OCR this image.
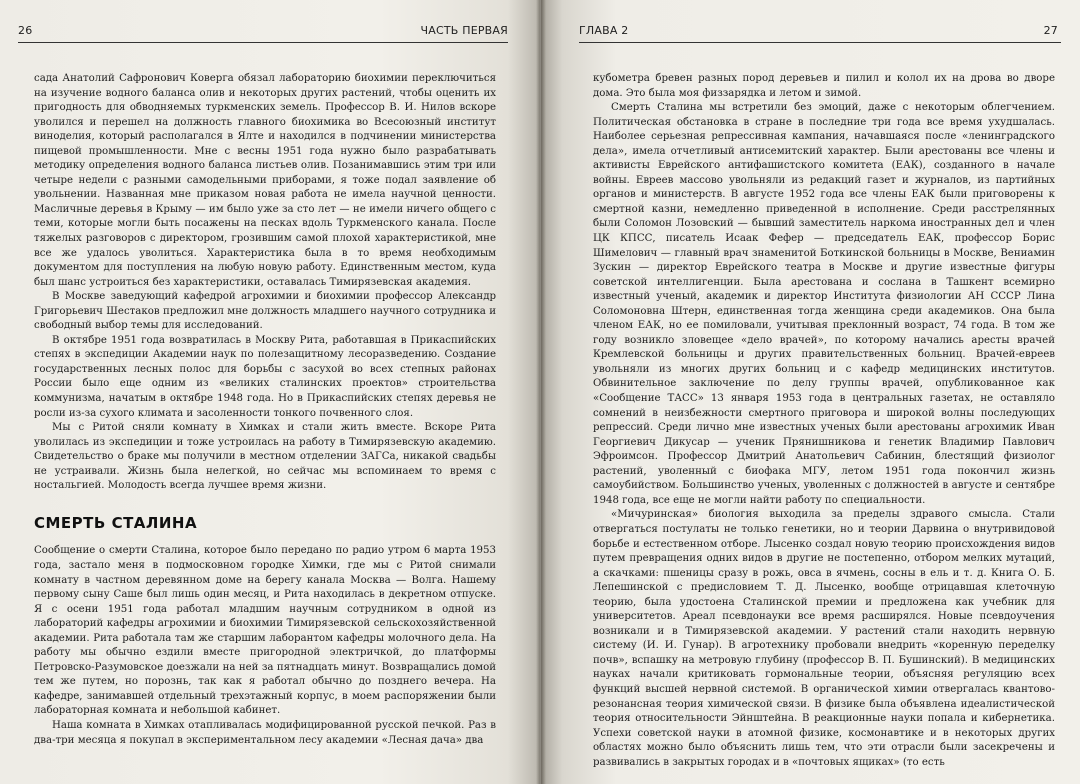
26	ЧАСТЬ ПЕРВАЯ

сада Анатолий Сафронович Коверга обязал лабораторию биохимии переключиться на изучение водного баланса олив и некоторых других растений, чтобы оценить их пригодность для обводняемых туркменских земель. Профессор В. И. Нилов вскоре уволился и перешел на должность главного биохимика во Всесоюзный институт виноделия, который располагался в Ялте и находился в подчинении министерства пищевой промышленности. Мне с весны 1951 года нужно было разрабатывать методику определения водного баланса листьев олив. Позанимавшись этим три или четыре недели с разными самодельными приборами, я тоже подал заявление об увольнении. Названная мне приказом новая работа не имела научной ценности. Масличные деревья в Крыму — им было уже за сто лет — не имели ничего общего с теми, которые могли быть посажены на песках вдоль Туркменского канала. После тяжелых разговоров с директором, грозившим самой плохой характеристикой, мне все же удалось уволиться. Характеристика была в то время необходимым документом для поступления на любую новую работу. Единственным местом, куда был шанс устроиться без характеристики, оставалась Тимирязевская академия.

В Москве заведующий кафедрой агрохимии и биохимии профессор Александр Григорьевич Шестаков предложил мне должность младшего научного сотрудника и свободный выбор темы для исследований.

В октябре 1951 года возвратилась в Москву Рита, работавшая в Прикаспийских степях в экспедиции Академии наук по полезащитному лесоразведению. Создание государственных лесных полос для борьбы с засухой во всех степных районах России было еще одним из «великих сталинских проектов» строительства коммунизма, начатым в октябре 1948 года. Но в Прикаспийских степях деревья не росли из-за сухого климата и засоленности тонкого почвенного слоя.

Мы с Ритой сняли комнату в Химках и стали жить вместе. Вскоре Рита уволилась из экспедиции и тоже устроилась на работу в Тимирязевскую академию. Свидетельство о браке мы получили в местном отделении ЗАГСа, никакой свадьбы не устраивали. Жизнь была нелегкой, но сейчас мы вспоминаем то время с ностальгией. Молодость всегда лучшее время жизни.

СМЕРТЬ СТАЛИНА

Сообщение о смерти Сталина, которое было передано по радио утром 6 марта 1953 года, застало меня в подмосковном городке Химки, где мы с Ритой снимали комнату в частном деревянном доме на берегу канала Москва — Волга. Нашему первому сыну Саше был лишь один месяц, и Рита находилась в декретном отпуске. Я с осени 1951 года работал младшим научным сотрудником в одной из лабораторий кафедры агрохимии и биохимии Тимирязевской сельскохозяйственной академии. Рита работала там же старшим лаборантом кафедры молочного дела. На работу мы обычно ездили вместе пригородной электричкой, до платформы Петровско-Разумовское доезжали на ней за пятнадцать минут. Возвращались домой тем же путем, но порознь, так как я работал обычно до позднего вечера. На кафедре, занимавшей отдельный трехэтажный корпус, в моем распоряжении были лабораторная комната и небольшой кабинет.

Наша комната в Химках отапливалась модифицированной русской печкой. Раз в два-три месяца я покупал в экспериментальном лесу академии «Лесная дача» два

ГЛАВА 2	27

кубометра бревен разных пород деревьев и пилил и колол их на дрова во дворе дома. Это была моя физзарядка и летом и зимой.

Смерть Сталина мы встретили без эмоций, даже с некоторым облегчением. Политическая обстановка в стране в последние три года все время ухудшалась. Наиболее серьезная репрессивная кампания, начавшаяся после «ленинградского дела», имела отчетливый антисемитский характер. Были арестованы все члены и активисты Еврейского антифашистского комитета (ЕАК), созданного в начале войны. Евреев массово увольняли из редакций газет и журналов, из партийных органов и министерств. В августе 1952 года все члены ЕАК были приговорены к смертной казни, немедленно приведенной в исполнение. Среди расстрелянных были Соломон Лозовский — бывший заместитель наркома иностранных дел и член ЦК КПСС, писатель Исаак Фефер — председатель ЕАК, профессор Борис Шимелович — главный врач знаменитой Боткинской больницы в Москве, Вениамин Зускин — директор Еврейского театра в Москве и другие известные фигуры советской интеллигенции. Была арестована и сослана в Ташкент всемирно известный ученый, академик и директор Института физиологии АН СССР Лина Соломоновна Штерн, единственная тогда женщина среди академиков. Она была членом ЕАК, но ее помиловали, учитывая преклонный возраст, 74 года. В том же году возникло зловещее «дело врачей», по которому начались аресты врачей Кремлевской больницы и других правительственных больниц. Врачей-евреев увольняли из многих других больниц и с кафедр медицинских институтов. Обвинительное заключение по делу группы врачей, опубликованное как «Сообщение ТАСС» 13 января 1953 года в центральных газетах, не оставляло сомнений в неизбежности смертного приговора и широкой волны последующих репрессий. Среди лично мне известных ученых были арестованы агрохимик Иван Георгиевич Дикусар — ученик Прянишникова и генетик Владимир Павлович Эфроимсон. Профессор Дмитрий Анатольевич Сабинин, блестящий физиолог растений, уволенный с биофака МГУ, летом 1951 года покончил жизнь самоубийством. Большинство ученых, уволенных с должностей в августе и сентябре 1948 года, все еще не могли найти работу по специальности.

«Мичуринская» биология выходила за пределы здравого смысла. Стали отвергаться постулаты не только генетики, но и теории Дарвина о внутривидовой борьбе и естественном отборе. Лысенко создал новую теорию происхождения видов путем превращения одних видов в другие не постепенно, отбором мелких мутаций, а скачками: пшеницы сразу в рожь, овса в ячмень, сосны в ель и т. д. Книга О. Б. Лепешинской с предисловием Т. Д. Лысенко, вообще отрицавшая клеточную теорию, была удостоена Сталинской премии и предложена как учебник для университетов. Ареал псевдонауки все время расширялся. Новые псевдоучения возникали и в Тимирязевской академии. У растений стали находить нервную систему (И. И. Гунар). В агротехнику пробовали внедрить «коренную переделку почв», вспашку на метровую глубину (профессор В. П. Бушинский). В медицинских науках начали критиковать гормональные теории, объясняя регуляцию всех функций высшей нервной системой. В органической химии отвергалась квантово-резонансная теория химической связи. В физике была объявлена идеалистической теория относительности Эйнштейна. В реакционные науки попала и кибернетика. Успехи советской науки в атомной физике, космонавтике и в некоторых других областях можно было объяснить лишь тем, что эти отрасли были засекречены и развивались в закрытых городах и в «почтовых ящиках» (то есть
